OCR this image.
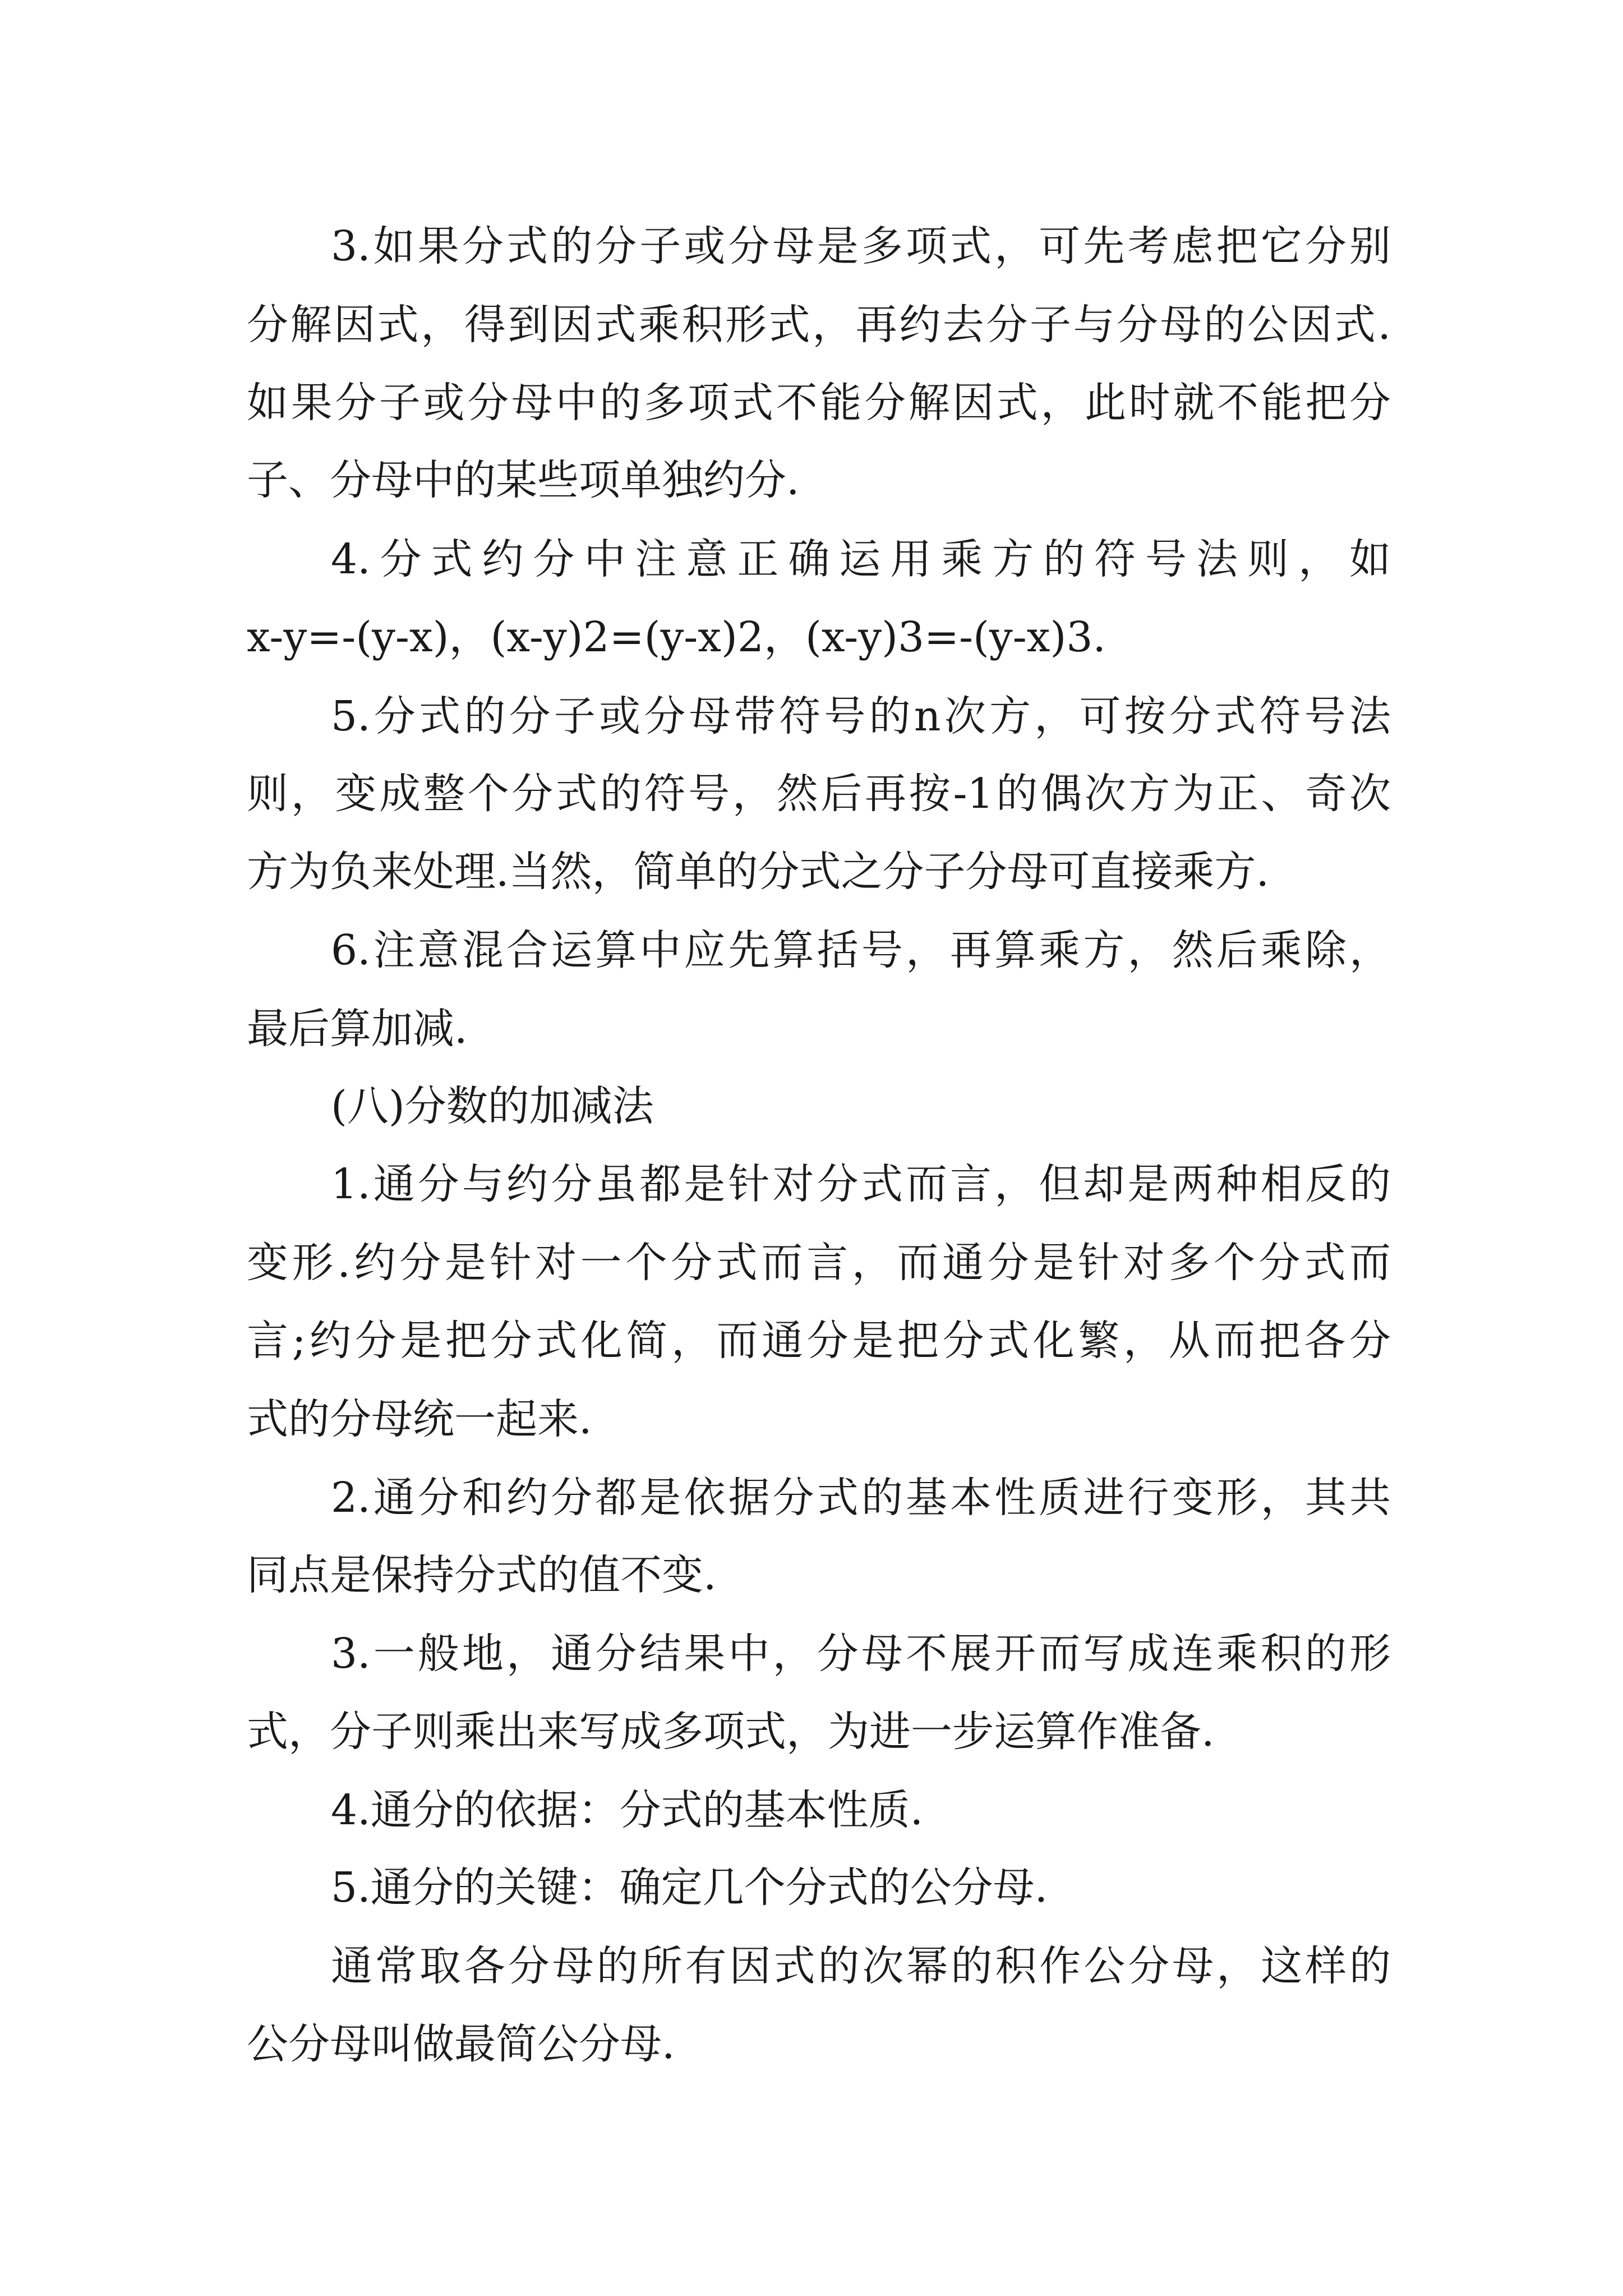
3.如果分式的分子或分母是多项式，可先考虑把它分别
分解因式，得到因式乘积形式，再约去分子与分母的公因式.
如果分子或分母中的多项式不能分解因式，此时就不能把分
子、分母中的某些项单独约分.
4.分式约分中注意正确运用乘方的符号法则，如
x-y=-(y-x)，(x-y)2=(y-x)2，(x-y)3=-(y-x)3.
5.分式的分子或分母带符号的n次方，可按分式符号法
则，变成整个分式的符号，然后再按-1的偶次方为正、奇次
方为负来处理.当然，简单的分式之分子分母可直接乘方.
6.注意混合运算中应先算括号，再算乘方，然后乘除，
最后算加减.
(八)分数的加减法
1.通分与约分虽都是针对分式而言，但却是两种相反的
变形.约分是针对一个分式而言，而通分是针对多个分式而
言;约分是把分式化简，而通分是把分式化繁，从而把各分
式的分母统一起来.
2.通分和约分都是依据分式的基本性质进行变形，其共
同点是保持分式的值不变.
3.一般地，通分结果中，分母不展开而写成连乘积的形
式，分子则乘出来写成多项式，为进一步运算作准备.
4.通分的依据：分式的基本性质.
5.通分的关键：确定几个分式的公分母.
通常取各分母的所有因式的次幂的积作公分母，这样的
公分母叫做最简公分母.
